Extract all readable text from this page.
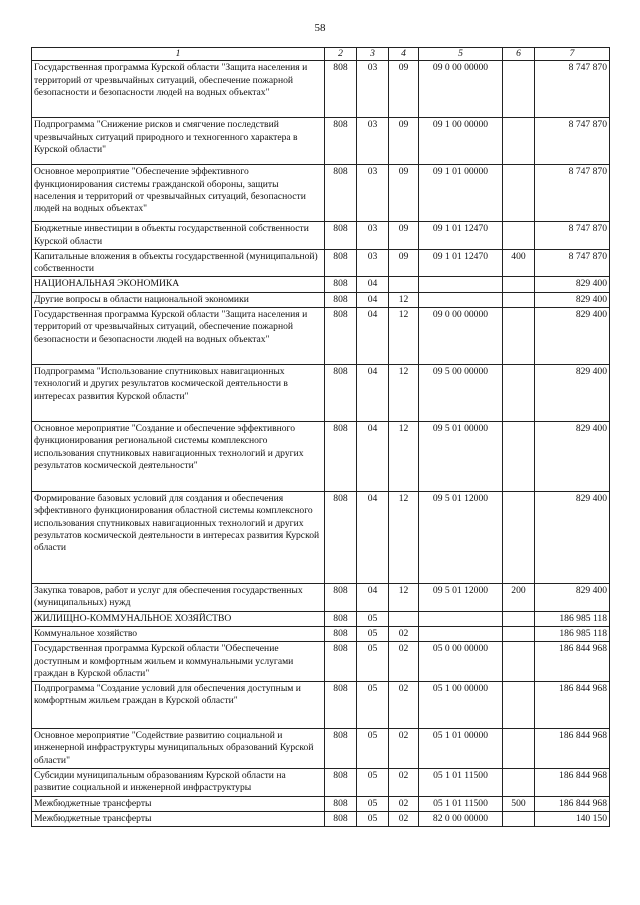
58
1	2	3	4	5	6	7
Государственная программа Курской области "Защита населения и территорий от чрезвычайных ситуаций, обеспечение пожарной безопасности и безопасности людей на водных объектах"	808	03	09	09 0 00 00000		8 747 870
Подпрограмма "Снижение рисков и смягчение последствий чрезвычайных ситуаций природного и техногенного характера в Курской области"	808	03	09	09 1 00 00000		8 747 870
Основное мероприятие "Обеспечение эффективного функционирования системы гражданской обороны, защиты населения и территорий от чрезвычайных ситуаций, безопасности людей на водных объектах"	808	03	09	09 1 01 00000		8 747 870
Бюджетные инвестиции в объекты государственной собственности Курской области	808	03	09	09 1 01 12470		8 747 870
Капитальные вложения в объекты государственной (муниципальной) собственности	808	03	09	09 1 01 12470	400	8 747 870
НАЦИОНАЛЬНАЯ ЭКОНОМИКА	808	04				829 400
Другие вопросы в области национальной экономики	808	04	12			829 400
Государственная программа Курской области "Защита населения и территорий от чрезвычайных ситуаций, обеспечение пожарной безопасности и безопасности людей на водных объектах"	808	04	12	09 0 00 00000		829 400
Подпрограмма "Использование спутниковых навигационных технологий и других результатов космической деятельности в интересах развития Курской области"	808	04	12	09 5 00 00000		829 400
Основное мероприятие "Создание и обеспечение эффективного функционирования региональной системы комплексного использования спутниковых навигационных технологий и других результатов космической деятельности"	808	04	12	09 5 01 00000		829 400
Формирование базовых условий для создания и обеспечения эффективного функционирования областной системы комплексного использования спутниковых навигационных технологий и других результатов космической деятельности в интересах развития Курской области	808	04	12	09 5 01 12000		829 400
Закупка товаров, работ и услуг для обеспечения государственных (муниципальных) нужд	808	04	12	09 5 01 12000	200	829 400
ЖИЛИЩНО-КОММУНАЛЬНОЕ ХОЗЯЙСТВО	808	05				186 985 118
Коммунальное хозяйство	808	05	02			186 985 118
Государственная программа Курской области "Обеспечение доступным и комфортным жильем и коммунальными услугами граждан в Курской области"	808	05	02	05 0 00 00000		186 844 968
Подпрограмма "Создание условий для обеспечения доступным и комфортным жильем граждан в Курской области"	808	05	02	05 1 00 00000		186 844 968
Основное мероприятие "Содействие развитию социальной и инженерной инфраструктуры муниципальных образований Курской области"	808	05	02	05 1 01 00000		186 844 968
Субсидии муниципальным образованиям Курской области на развитие социальной и инженерной инфраструктуры	808	05	02	05 1 01 11500		186 844 968
Межбюджетные трансферты	808	05	02	05 1 01 11500	500	186 844 968
Межбюджетные трансферты	808	05	02	82 0 00 00000		140 150
